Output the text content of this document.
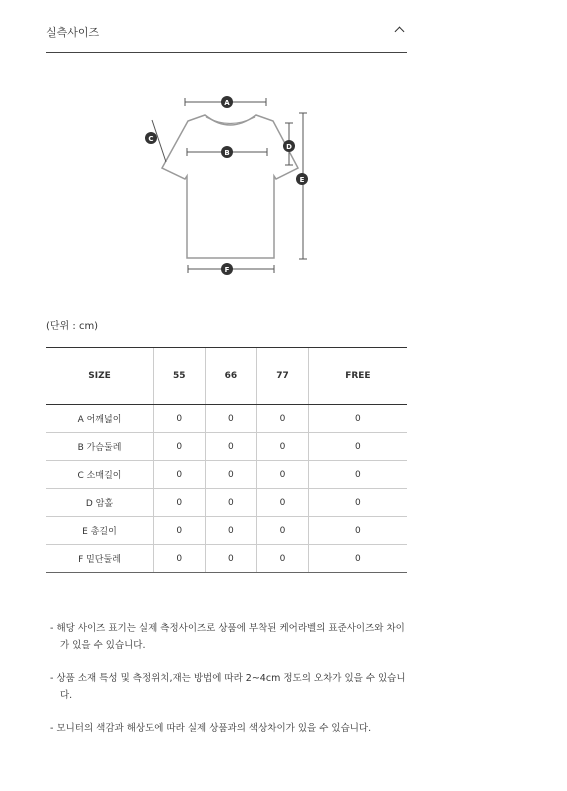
실측사이즈
A
B
C
D
E
F
(단위 : cm)
SIZE	55	66	77	FREE
A 어깨넓이	0	0	0	0
B 가슴둘레	0	0	0	0
C 소매길이	0	0	0	0
D 암홀	0	0	0	0
E 총길이	0	0	0	0
F 밑단둘레	0	0	0	0

- 해당 사이즈 표기는 실제 측정사이즈로 상품에 부착된 케어라벨의 표준사이즈와 차이가 있을 수 있습니다.

- 상품 소재 특성 및 측정위치,재는 방법에 따라 2~4cm 정도의 오차가 있을 수 있습니다.

- 모니터의 색감과 해상도에 따라 실제 상품과의 색상차이가 있을 수 있습니다.
